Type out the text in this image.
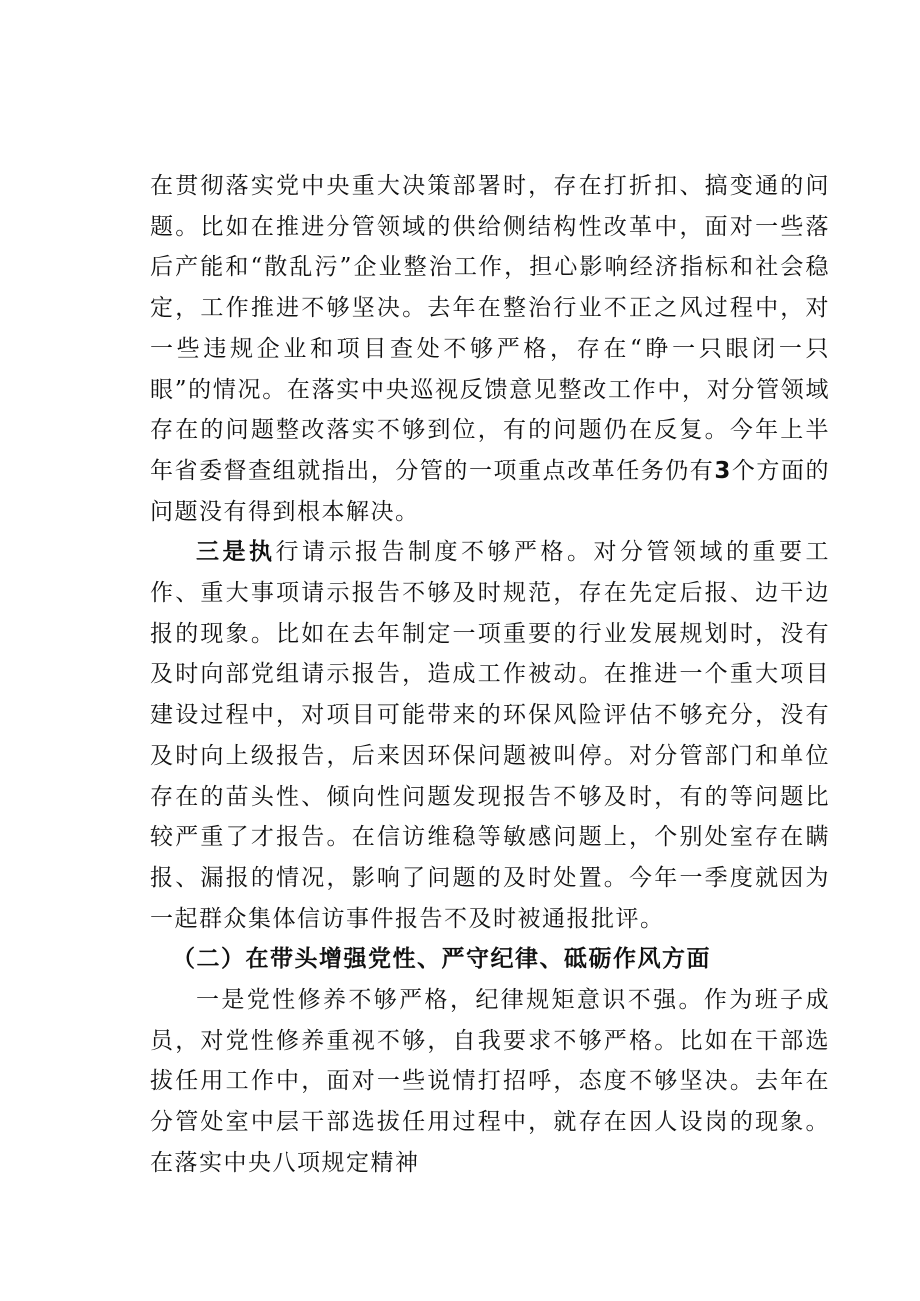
在贯彻落实党中央重大决策部署时，存在打折扣、搞变通的问题。比如在推进分管领域的供给侧结构性改革中，面对一些落后产能和“散乱污”企业整治工作，担心影响经济指标和社会稳定，工作推进不够坚决。去年在整治行业不正之风过程中，对一些违规企业和项目查处不够严格，存在“睁一只眼闭一只眼”的情况。在落实中央巡视反馈意见整改工作中，对分管领域存在的问题整改落实不够到位，有的问题仍在反复。今年上半年省委督查组就指出，分管的一项重点改革任务仍有3个方面的问题没有得到根本解决。

三是执行请示报告制度不够严格。对分管领域的重要工作、重大事项请示报告不够及时规范，存在先定后报、边干边报的现象。比如在去年制定一项重要的行业发展规划时，没有及时向部党组请示报告，造成工作被动。在推进一个重大项目建设过程中，对项目可能带来的环保风险评估不够充分，没有及时向上级报告，后来因环保问题被叫停。对分管部门和单位存在的苗头性、倾向性问题发现报告不够及时，有的等问题比较严重了才报告。在信访维稳等敏感问题上，个别处室存在瞒报、漏报的情况，影响了问题的及时处置。今年一季度就因为一起群众集体信访事件报告不及时被通报批评。

（二）在带头增强党性、严守纪律、砥砺作风方面

一是党性修养不够严格，纪律规矩意识不强。作为班子成员，对党性修养重视不够，自我要求不够严格。比如在干部选拔任用工作中，面对一些说情打招呼，态度不够坚决。去年在分管处室中层干部选拔任用过程中，就存在因人设岗的现象。在落实中央八项规定精神
